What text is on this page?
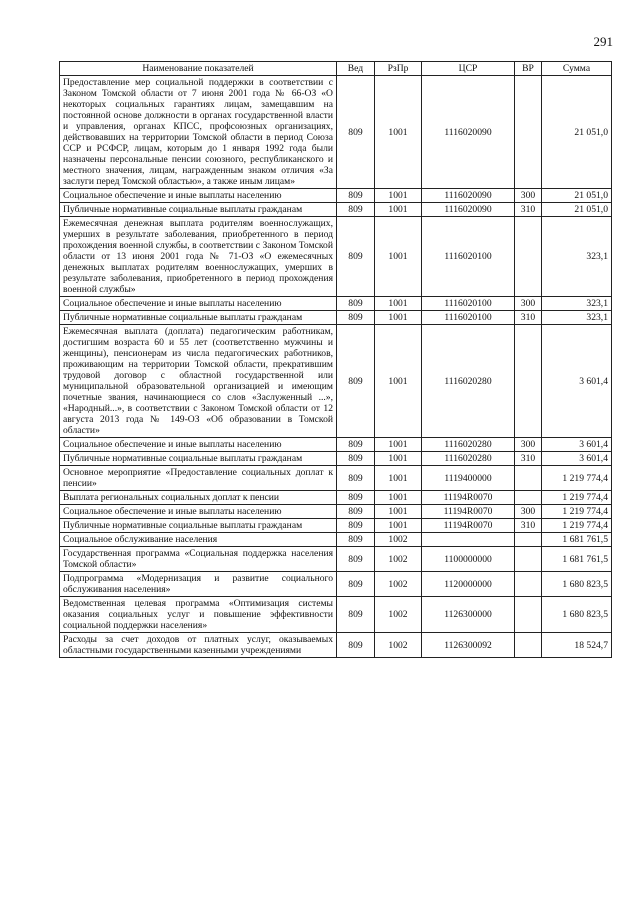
291
Наименование показателей	Вед	РзПр	ЦСР	ВР	Сумма
Предоставление мер социальной поддержки в соответствии с Законом Томской области от 7 июня 2001 года № 66-ОЗ «О некоторых социальных гарантиях лицам, замещавшим на постоянной основе должности в органах государственной власти и управления, органах КПСС, профсоюзных организациях, действовавших на территории Томской области в период Союза ССР и РСФСР, лицам, которым до 1 января 1992 года были назначены персональные пенсии союзного, республиканского и местного значения, лицам, награжденным знаком отличия «За заслуги перед Томской областью», а также иным лицам»	809	1001	1116020090		21 051,0
Социальное обеспечение и иные выплаты населению	809	1001	1116020090	300	21 051,0
Публичные нормативные социальные выплаты гражданам	809	1001	1116020090	310	21 051,0
Ежемесячная денежная выплата родителям военнослужащих, умерших в результате заболевания, приобретенного в период прохождения военной службы, в соответствии с Законом Томской области от 13 июня 2001 года № 71-ОЗ «О ежемесячных денежных выплатах родителям военнослужащих, умерших в результате заболевания, приобретенного в период прохождения военной службы»	809	1001	1116020100		323,1
Социальное обеспечение и иные выплаты населению	809	1001	1116020100	300	323,1
Публичные нормативные социальные выплаты гражданам	809	1001	1116020100	310	323,1
Ежемесячная выплата (доплата) педагогическим работникам, достигшим возраста 60 и 55 лет (соответственно мужчины и женщины), пенсионерам из числа педагогических работников, проживающим на территории Томской области, прекратившим трудовой договор с областной государственной или муниципальной образовательной организацией и имеющим почетные звания, начинающиеся со слов «Заслуженный ...», «Народный...», в соответствии с Законом Томской области от 12 августа 2013 года № 149-ОЗ «Об образовании в Томской области»	809	1001	1116020280		3 601,4
Социальное обеспечение и иные выплаты населению	809	1001	1116020280	300	3 601,4
Публичные нормативные социальные выплаты гражданам	809	1001	1116020280	310	3 601,4
Основное мероприятие «Предоставление социальных доплат к пенсии»	809	1001	1119400000		1 219 774,4
Выплата региональных социальных доплат к пенсии	809	1001	11194R0070		1 219 774,4
Социальное обеспечение и иные выплаты населению	809	1001	11194R0070	300	1 219 774,4
Публичные нормативные социальные выплаты гражданам	809	1001	11194R0070	310	1 219 774,4
Социальное обслуживание населения	809	1002			1 681 761,5
Государственная программа «Социальная поддержка населения Томской области»	809	1002	1100000000		1 681 761,5
Подпрограмма «Модернизация и развитие социального обслуживания населения»	809	1002	1120000000		1 680 823,5
Ведомственная целевая программа «Оптимизация системы оказания социальных услуг и повышение эффективности социальной поддержки населения»	809	1002	1126300000		1 680 823,5
Расходы за счет доходов от платных услуг, оказываемых областными государственными казенными учреждениями	809	1002	1126300092		18 524,7
